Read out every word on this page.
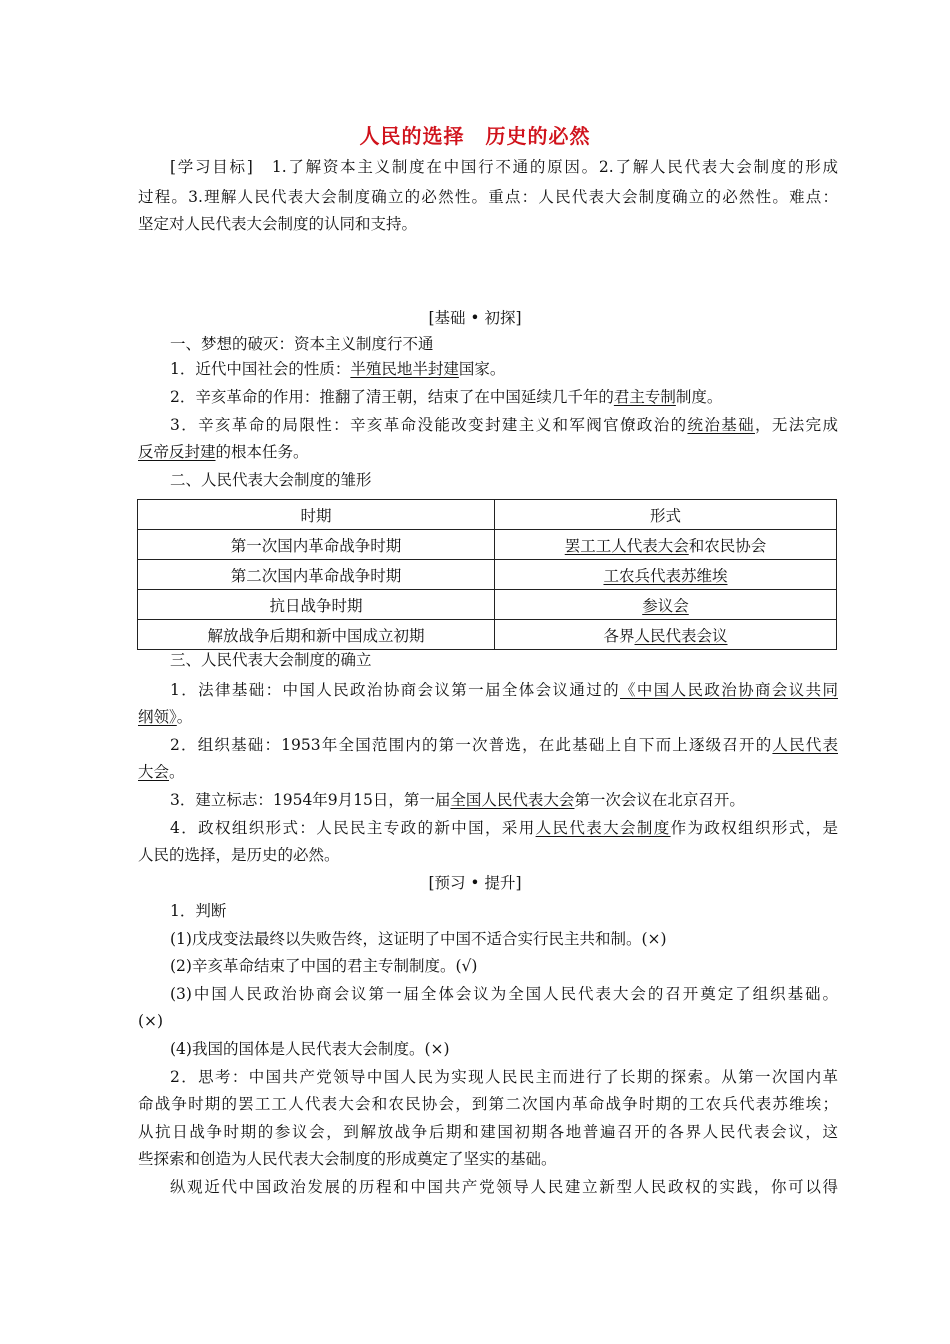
人民的选择　历史的必然
[学习目标]　1.了解资本主义制度在中国行不通的原因。2.了解人民代表大会制度的形成
过程。3.理解人民代表大会制度确立的必然性。重点：人民代表大会制度确立的必然性。难点：
坚定对人民代表大会制度的认同和支持。
[基础 • 初探]
一、梦想的破灭：资本主义制度行不通
1．近代中国社会的性质：半殖民地半封建国家。
2．辛亥革命的作用：推翻了清王朝，结束了在中国延续几千年的君主专制制度。
3．辛亥革命的局限性：辛亥革命没能改变封建主义和军阀官僚政治的统治基础，无法完成
反帝反封建的根本任务。
二、人民代表大会制度的雏形
时期	形式
第一次国内革命战争时期	罢工工人代表大会和农民协会
第二次国内革命战争时期	工农兵代表苏维埃
抗日战争时期	参议会
解放战争后期和新中国成立初期	各界人民代表会议
三、人民代表大会制度的确立
1．法律基础：中国人民政治协商会议第一届全体会议通过的《中国人民政治协商会议共同
纲领》。
2．组织基础：1953年全国范围内的第一次普选，在此基础上自下而上逐级召开的人民代表
大会。
3．建立标志：1954年9月15日，第一届全国人民代表大会第一次会议在北京召开。
4．政权组织形式：人民民主专政的新中国，采用人民代表大会制度作为政权组织形式，是
人民的选择，是历史的必然。
[预习 • 提升]
1．判断
(1)戊戌变法最终以失败告终，这证明了中国不适合实行民主共和制。(×)
(2)辛亥革命结束了中国的君主专制制度。(√)
(3)中国人民政治协商会议第一届全体会议为全国人民代表大会的召开奠定了组织基础。
(×)
(4)我国的国体是人民代表大会制度。(×)
2．思考：中国共产党领导中国人民为实现人民民主而进行了长期的探索。从第一次国内革
命战争时期的罢工工人代表大会和农民协会，到第二次国内革命战争时期的工农兵代表苏维埃；
从抗日战争时期的参议会，到解放战争后期和建国初期各地普遍召开的各界人民代表会议，这
些探索和创造为人民代表大会制度的形成奠定了坚实的基础。
纵观近代中国政治发展的历程和中国共产党领导人民建立新型人民政权的实践，你可以得
